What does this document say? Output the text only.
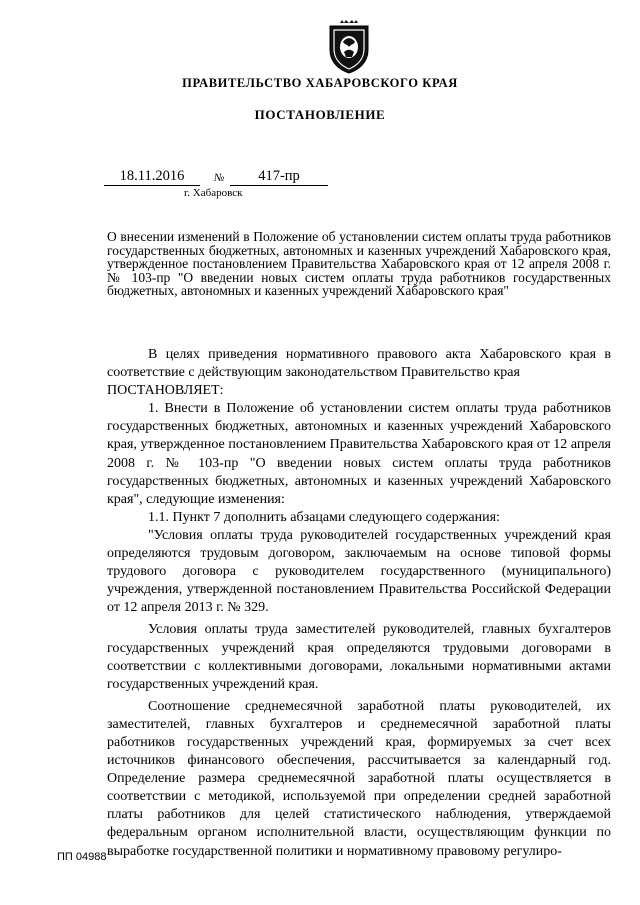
ПРАВИТЕЛЬСТВО ХАБАРОВСКОГО КРАЯ
ПОСТАНОВЛЕНИЕ
18.11.2016	№	417-пр
г. Хабаровск
О внесении изменений в Положение об установлении систем оплаты труда работников государственных бюджетных, автономных и казенных учреждений Хабаровского края, утвержденное постановлением Правительства Хабаровского края от 12 апреля 2008 г. № 103-пр "О введении новых систем оплаты труда работников государственных бюджетных, автономных и казенных учреждений Хабаровского края"

В целях приведения нормативного правового акта Хабаровского края в соответствие с действующим законодательством Правительство края

ПОСТАНОВЛЯЕТ:

1. Внести в Положение об установлении систем оплаты труда работников государственных бюджетных, автономных и казенных учреждений Хабаровского края, утвержденное постановлением Правительства Хабаровского края от 12 апреля 2008 г. № 103-пр "О введении новых систем оплаты труда работников государственных бюджетных, автономных и казенных учреждений Хабаровского края", следующие изменения:

1.1. Пункт 7 дополнить абзацами следующего содержания:

"Условия оплаты труда руководителей государственных учреждений края определяются трудовым договором, заключаемым на основе типовой формы трудового договора с руководителем государственного (муниципального) учреждения, утвержденной постановлением Правительства Российской Федерации от 12 апреля 2013 г. № 329.

Условия оплаты труда заместителей руководителей, главных бухгалтеров государственных учреждений края определяются трудовыми договорами в соответствии с коллективными договорами, локальными нормативными актами государственных учреждений края.

Соотношение среднемесячной заработной платы руководителей, их заместителей, главных бухгалтеров и среднемесячной заработной платы работников государственных учреждений края, формируемых за счет всех источников финансового обеспечения, рассчитывается за календарный год. Определение размера среднемесячной заработной платы осуществляется в соответствии с методикой, используемой при определении средней заработной платы работников для целей статистического наблюдения, утверждаемой федеральным органом исполнительной власти, осуществляющим функции по выработке государственной политики и нормативному правовому регулиро-

ПП 04988
